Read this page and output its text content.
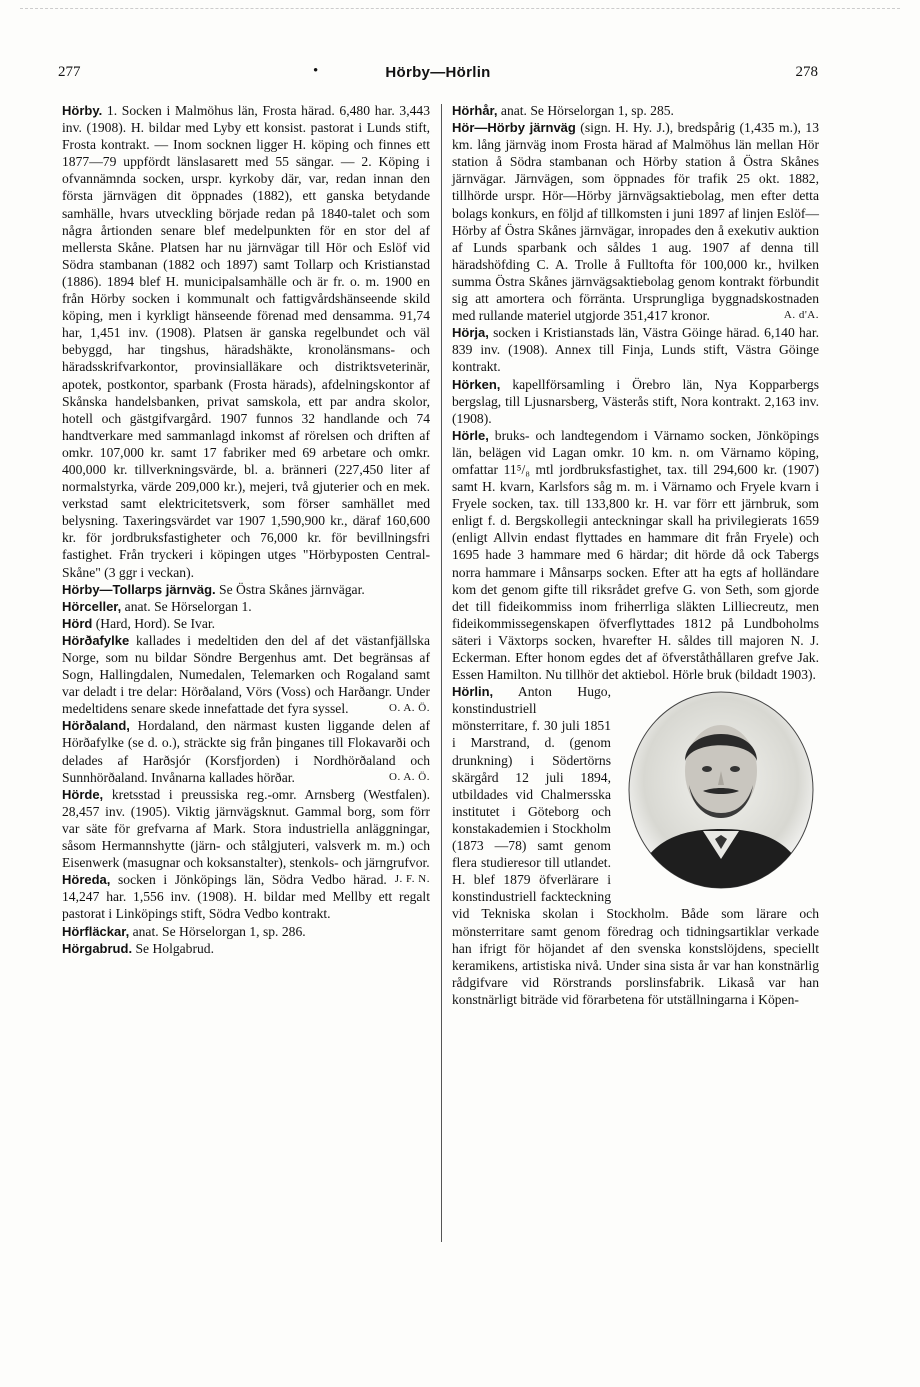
277	•	Hörby—Hörlin	278

Hörby. 1. Socken i Malmöhus län, Frosta härad. 6,480 har. 3,443 inv. (1908). H. bildar med Lyby ett konsist. pastorat i Lunds stift, Frosta kontrakt. — Inom socknen ligger H. köping och finnes ett 1877—79 uppfördt länslasarett med 55 sängar. — 2. Köping i ofvannämnda socken, urspr. kyrkoby där, var, redan innan den första järnvägen dit öppnades (1882), ett ganska betydande samhälle, hvars utveckling började redan på 1840-talet och som några årtionden senare blef medelpunkten för en stor del af mellersta Skåne. Platsen har nu järnvägar till Hör och Eslöf vid Södra stambanan (1882 och 1897) samt Tollarp och Kristianstad (1886). 1894 blef H. municipalsamhälle och är fr. o. m. 1900 en från Hörby socken i kommunalt och fattigvårdshänseende skild köping, men i kyrkligt hänseende förenad med densamma. 91,74 har, 1,451 inv. (1908). Platsen är ganska regelbundet och väl bebyggd, har tingshus, häradshäkte, kronolänsmans- och häradsskrifvarkontor, provinsialläkare och distriktsveterinär, apotek, postkontor, sparbank (Frosta härads), afdelningskontor af Skånska handelsbanken, privat samskola, ett par andra skolor, hotell och gästgifvargård. 1907 funnos 32 handlande och 74 handtverkare med sammanlagd inkomst af rörelsen och driften af omkr. 107,000 kr. samt 17 fabriker med 69 arbetare och omkr. 400,000 kr. tillverkningsvärde, bl. a. bränneri (227,450 liter af normalstyrka, värde 209,000 kr.), mejeri, två gjuterier och en mek. verkstad samt elektricitetsverk, som förser samhället med belysning. Taxeringsvärdet var 1907 1,590,900 kr., däraf 160,600 kr. för jordbruksfastigheter och 76,000 kr. för bevillningsfri fastighet. Från tryckeri i köpingen utges "Hörbyposten Central-Skåne" (3 ggr i veckan).

Hörby—Tollarps järnväg. Se Östra Skånes järnvägar.

Hörceller, anat. Se Hörselorgan 1.

Hörd (Hard, Hord). Se Ivar.

Hörðafylke kallades i medeltiden den del af det västanfjällska Norge, som nu bildar Söndre Bergenhus amt. Det begränsas af Sogn, Hallingdalen, Numedalen, Telemarken och Rogaland samt var deladt i tre delar: Hörðaland, Vörs (Voss) och Harðangr. Under medeltidens senare skede innefattade det fyra syssel.	O. A. Ö.

Hörðaland, Hordaland, den närmast kusten liggande delen af Hörðafylke (se d. o.), sträckte sig från þinganes till Flokavarði och delades af Harðsjór (Korsfjorden) i Nordhörðaland och Sunnhörðaland. Invånarna kallades hörðar.	O. A. Ö.

Hörde, kretsstad i preussiska reg.-omr. Arnsberg (Westfalen). 28,457 inv. (1905). Viktig järnvägsknut. Gammal borg, som förr var säte för grefvarna af Mark. Stora industriella anläggningar, såsom Hermannshytte (järn- och stålgjuteri, valsverk m. m.) och Eisenwerk (masugnar och koksanstalter), stenkols- och järngrufvor.
J. F. N.

Höreda, socken i Jönköpings län, Södra Vedbo härad. 14,247 har. 1,556 inv. (1908). H. bildar med Mellby ett regalt pastorat i Linköpings stift, Södra Vedbo kontrakt.

Hörfläckar, anat. Se Hörselorgan 1, sp. 286.

Hörgabrud. Se Holgabrud.

Hörhår, anat. Se Hörselorgan 1, sp. 285.

Hör—Hörby järnväg (sign. H. Hy. J.), bredspårig (1,435 m.), 13 km. lång järnväg inom Frosta härad af Malmöhus län mellan Hör station å Södra stambanan och Hörby station å Östra Skånes järnvägar. Järnvägen, som öppnades för trafik 25 okt. 1882, tillhörde urspr. Hör—Hörby järnvägsaktiebolag, men efter detta bolags konkurs, en följd af tillkomsten i juni 1897 af linjen Eslöf—Hörby af Östra Skånes järnvägar, inropades den å exekutiv auktion af Lunds sparbank och såldes 1 aug. 1907 af denna till häradshöfding C. A. Trolle å Fulltofta för 100,000 kr., hvilken summa Östra Skånes järnvägsaktiebolag genom kontrakt förbundit sig att amortera och förränta. Ursprungliga byggnadskostnaden med rullande materiel utgjorde 351,417 kronor.	A. d'A.

Hörja, socken i Kristianstads län, Västra Göinge härad. 6,140 har. 839 inv. (1908). Annex till Finja, Lunds stift, Västra Göinge kontrakt.

Hörken, kapellförsamling i Örebro län, Nya Kopparbergs bergslag, till Ljusnarsberg, Västerås stift, Nora kontrakt. 2,163 inv. (1908).

Hörle, bruks- och landtegendom i Värnamo socken, Jönköpings län, belägen vid Lagan omkr. 10 km. n. om Värnamo köping, omfattar 11⁵/₈ mtl jordbruksfastighet, tax. till 294,600 kr. (1907) samt H. kvarn, Karlsfors såg m. m. i Värnamo och Fryele kvarn i Fryele socken, tax. till 133,800 kr. H. var förr ett järnbruk, som enligt f. d. Bergskollegii anteckningar skall ha privilegierats 1659 (enligt Allvin endast flyttades en hammare dit från Fryele) och 1695 hade 3 hammare med 6 härdar; dit hörde då ock Tabergs norra hammare i Månsarps socken. Efter att ha egts af holländare kom det genom gifte till riksrådet grefve G. von Seth, som gjorde det till fideikommiss inom friherrliga släkten Lilliecreutz, men fideikommissegenskapen öfverflyttades 1812 på Lundboholms säteri i Växtorps socken, hvarefter H. såldes till majoren N. J. Eckerman. Efter honom egdes det af öfverståthållaren grefve Jak. Essen Hamilton. Nu tillhör det aktiebol. Hörle bruk (bildadt 1903).

Hörlin, Anton Hugo, konstindustriell mönsterritare, f. 30 juli 1851 i Marstrand, d. (genom drunkning) i Södertörns skärgård 12 juli 1894, utbildades vid Chalmersska institutet i Göteborg och konstakademien i Stockholm (1873 —78) samt genom flera studieresor till utlandet. H. blef 1879 öfverlärare i konstindustriell fackteckning vid Tekniska skolan i Stockholm. Både som lärare och mönsterritare samt genom föredrag och tidningsartiklar verkade han ifrigt för höjandet af den svenska konstslöjdens, speciellt keramikens, artistiska nivå. Under sina sista år var han konstnärlig rådgifvare vid Rörstrands porslinsfabrik. Likaså var han konstnärligt biträde vid förarbetena för utställningarna i Köpen-
